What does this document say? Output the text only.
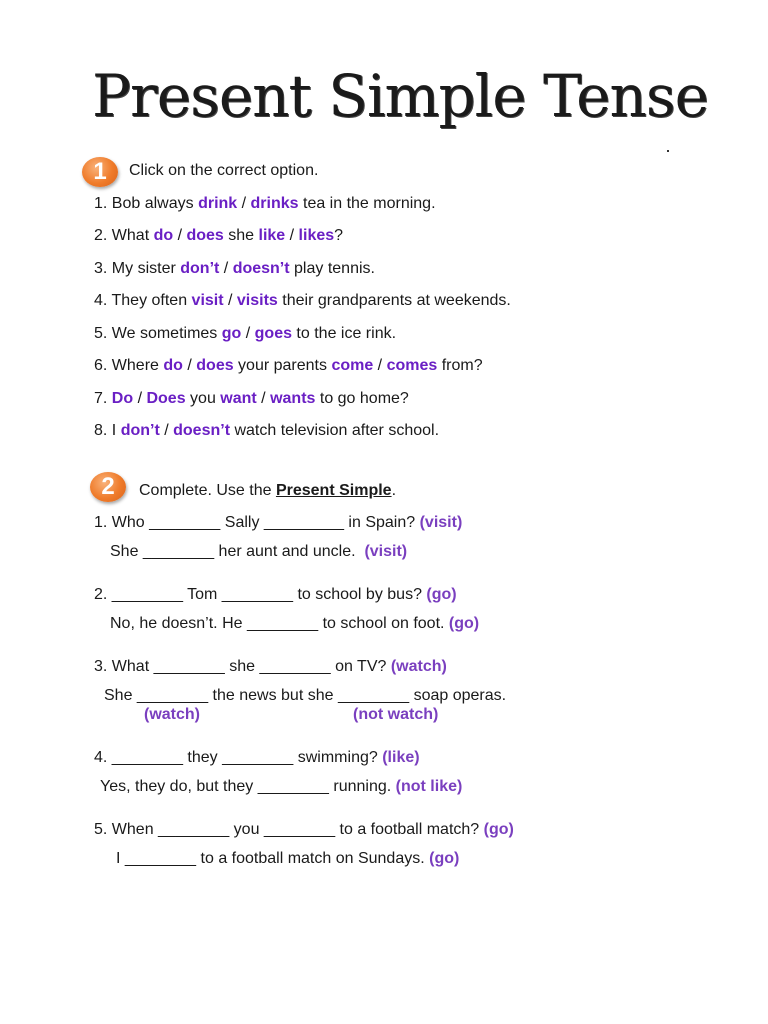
Present Simple Tense
1 Click on the correct option.
1. Bob always drink / drinks tea in the morning.
2. What do / does she like / likes?
3. My sister don’t / doesn’t play tennis.
4. They often visit / visits their grandparents at weekends.
5. We sometimes go / goes to the ice rink.
6. Where do / does your parents come / comes from?
7. Do / Does you want / wants to go home?
8. I don’t / doesn’t watch television after school.
2 Complete. Use the Present Simple.
1. Who ________ Sally _________ in Spain? (visit)
She ________ her aunt and uncle. (visit)
2. ________ Tom ________ to school by bus? (go)
No, he doesn’t. He ________ to school on foot. (go)
3. What ________ she ________ on TV? (watch)
She ________ the news but she ________ soap operas.
(watch)	(not watch)
4. ________ they ________ swimming? (like)
Yes, they do, but they ________ running. (not like)
5. When ________ you ________ to a football match? (go)
I ________ to a football match on Sundays. (go)
